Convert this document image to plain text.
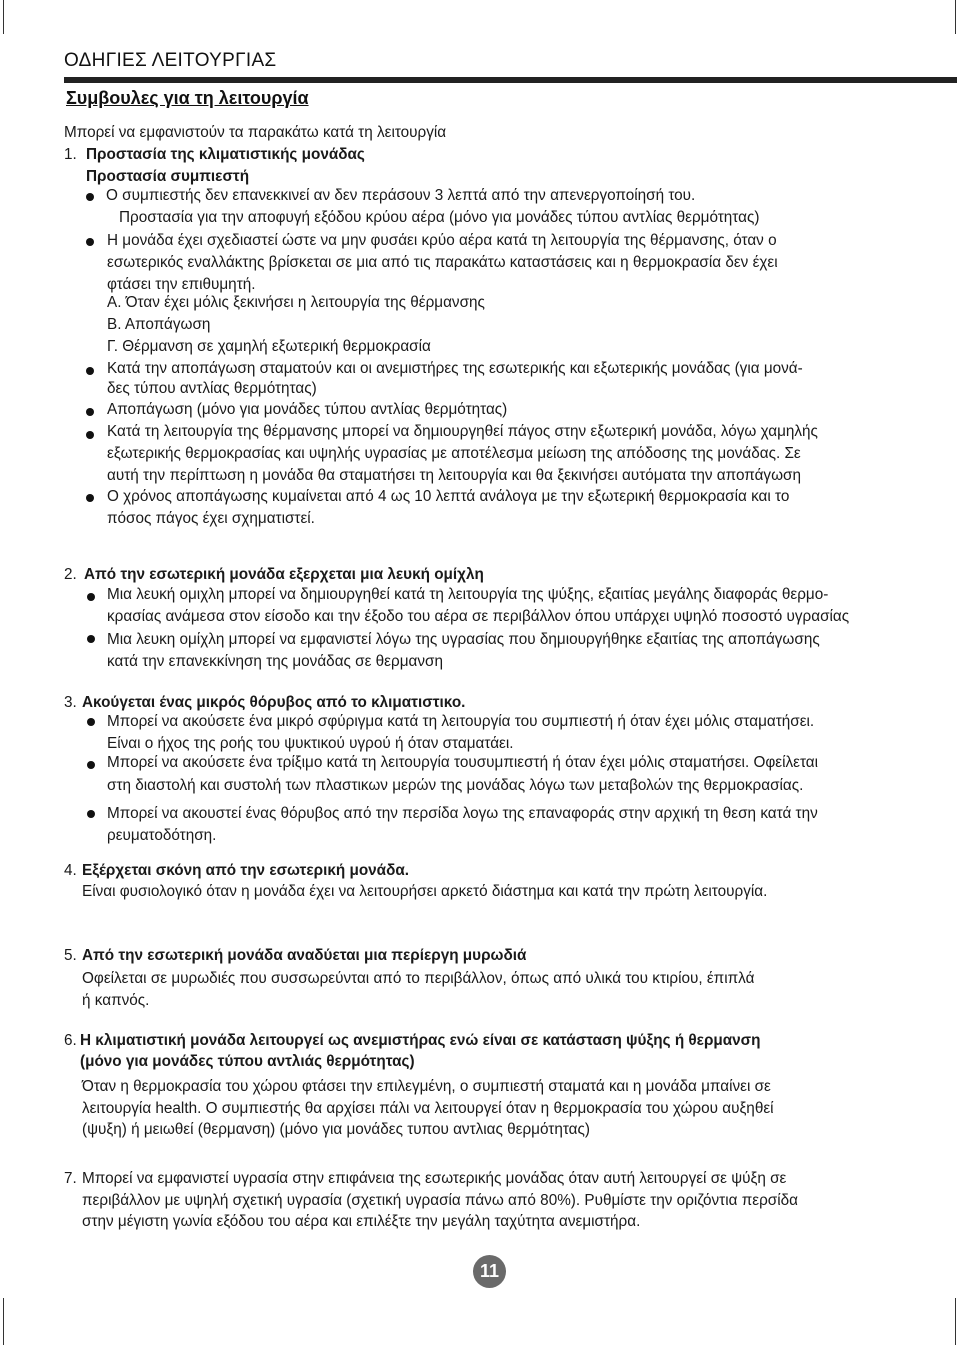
ΟΔΗΓΙΕΣ ΛΕΙΤΟΥΡΓΙΑΣ
Συμβουλες για τη λειτουργία
Μπορεί να εμφανιστούν τα παρακάτω κατά τη λειτουργία
1. Προστασία της κλιματιστικής μονάδας
Προστασία συμπιεστή
Ο συμπιεστής δεν επανεκκινεί αν δεν περάσουν 3 λεπτά από την απενεργοποίησή του.
Προστασία για την αποφυγή εξόδου κρύου αέρα (μόνο για μονάδες τύπου αντλίας θερμότητας)
Η μονάδα έχει σχεδιαστεί ώστε να μην φυσάει κρύο αέρα κατά τη λειτουργία της θέρμανσης, όταν ο
εσωτερικός εναλλάκτης βρίσκεται σε μια από τις παρακάτω καταστάσεις και η θερμοκρασία δεν έχει
φτάσει την επιθυμητή.
Α. Όταν έχει μόλις ξεκινήσει η λειτουργία της θέρμανσης
Β. Αποπάγωση
Γ. Θέρμανση σε χαμηλή εξωτερική θερμοκρασία
Κατά την αποπάγωση σταματούν και οι ανεμιστήρες της εσωτερικής και εξωτερικής μονάδας (για μονά-
δες τύπου αντλίας θερμότητας)
Αποπάγωση (μόνο για μονάδες τύπου αντλίας θερμότητας)
Κατά τη λειτουργία της θέρμανσης μπορεί να δημιουργηθεί πάγος στην εξωτερική μονάδα, λόγω χαμηλής
εξωτερικής θερμοκρασίας και υψηλής υγρασίας με αποτέλεσμα μείωση της απόδοσης της μονάδας. Σε
αυτή την περίπτωση η μονάδα θα σταματήσει τη λειτουργία και θα ξεκινήσει αυτόματα την αποπάγωση
Ο χρόνος αποπάγωσης κυμαίνεται από 4 ως 10 λεπτά ανάλογα με την εξωτερική θερμοκρασία και το
πόσος πάγος έχει σχηματιστεί.
2. Από την εσωτερική μονάδα εξερχεται μια λευκή ομίχλη
Μια λευκή ομιχλη μπορεί να δημιουργηθεί κατά τη λειτουργία της ψύξης, εξαιτίας μεγάλης διαφοράς θερμο-
κρασίας ανάμεσα στον είσοδο και την έξοδο του αέρα σε περιβάλλον όπου υπάρχει υψηλό ποσοστό υγρασίας
Μια λευκη ομίχλη μπορεί να εμφανιστεί λόγω της υγρασίας που δημιουργήθηκε εξαιτίας της αποπάγωσης
κατά την επανεκκίνηση της μονάδας σε θερμανση
3. Ακούγεται ένας μικρός θόρυβος από το κλιματιστικο.
Μπορεί να ακούσετε ένα μικρό σφύριγμα κατά τη λειτουργία του συμπιεστή ή όταν έχει μόλις σταματήσει.
Είναι ο ήχος της ροής του ψυκτικού υγρού ή όταν σταματάει.
Μπορεί να ακούσετε ένα τρίξιμο κατά τη λειτουργία τουσυμπιεστή ή όταν έχει μόλις σταματήσει. Οφείλεται
στη διαστολή και συστολή των πλαστικων μερών της μονάδας λόγω των μεταβολών της θερμοκρασίας.
Μπορεί να ακουστεί ένας θόρυβος από την περσίδα λογω της επαναφοράς στην αρχική τη θεση κατά την
ρευματοδότηση.
4. Εξέρχεται σκόνη από την εσωτερική μονάδα.
Είναι φυσιολογικό όταν η μονάδα έχει να λειτουρήσει αρκετό διάστημα και κατά την πρώτη λειτουργία.
5. Από την εσωτερική μονάδα αναδύεται μια περίεργη μυρωδιά
Οφείλεται σε μυρωδιές που συσσωρεύνται από το περιβάλλον, όπως από υλικά του κτιρίου, έπιπλά
ή καπνός.
6. Η κλιματιστική μονάδα λειτουργεί ως ανεμιστήρας ενώ είναι σε κατάσταση ψύξης ή θερμανση
(μόνο για μονάδες τύπου αντλιάς θερμότητας)
Όταν η θερμοκρασία του χώρου φτάσει την επιλεγμένη, ο συμπιεστή σταματά και η μονάδα μπαίνει σε
λειτουργία health. Ο συμπιεστής θα αρχίσει πάλι να λειτουργεί όταν η θερμοκρασία του χώρου αυξηθεί
(ψυξη) ή μειωθεί (θερμανση) (μόνο για μονάδες τυπου αντλιας θερμότητας)
7. Μπορεί να εμφανιστεί υγρασία στην επιφάνεια της εσωτερικής μονάδας όταν αυτή λειτουργεί σε ψύξη σε
περιβάλλον με υψηλή σχετική υγρασία (σχετική υγρασία πάνω από 80%). Ρυθμίστε την οριζόντια περσίδα
στην μέγιστη γωνία εξόδου του αέρα και επιλέξτε την μεγάλη ταχύτητα ανεμιστήρα.
11
